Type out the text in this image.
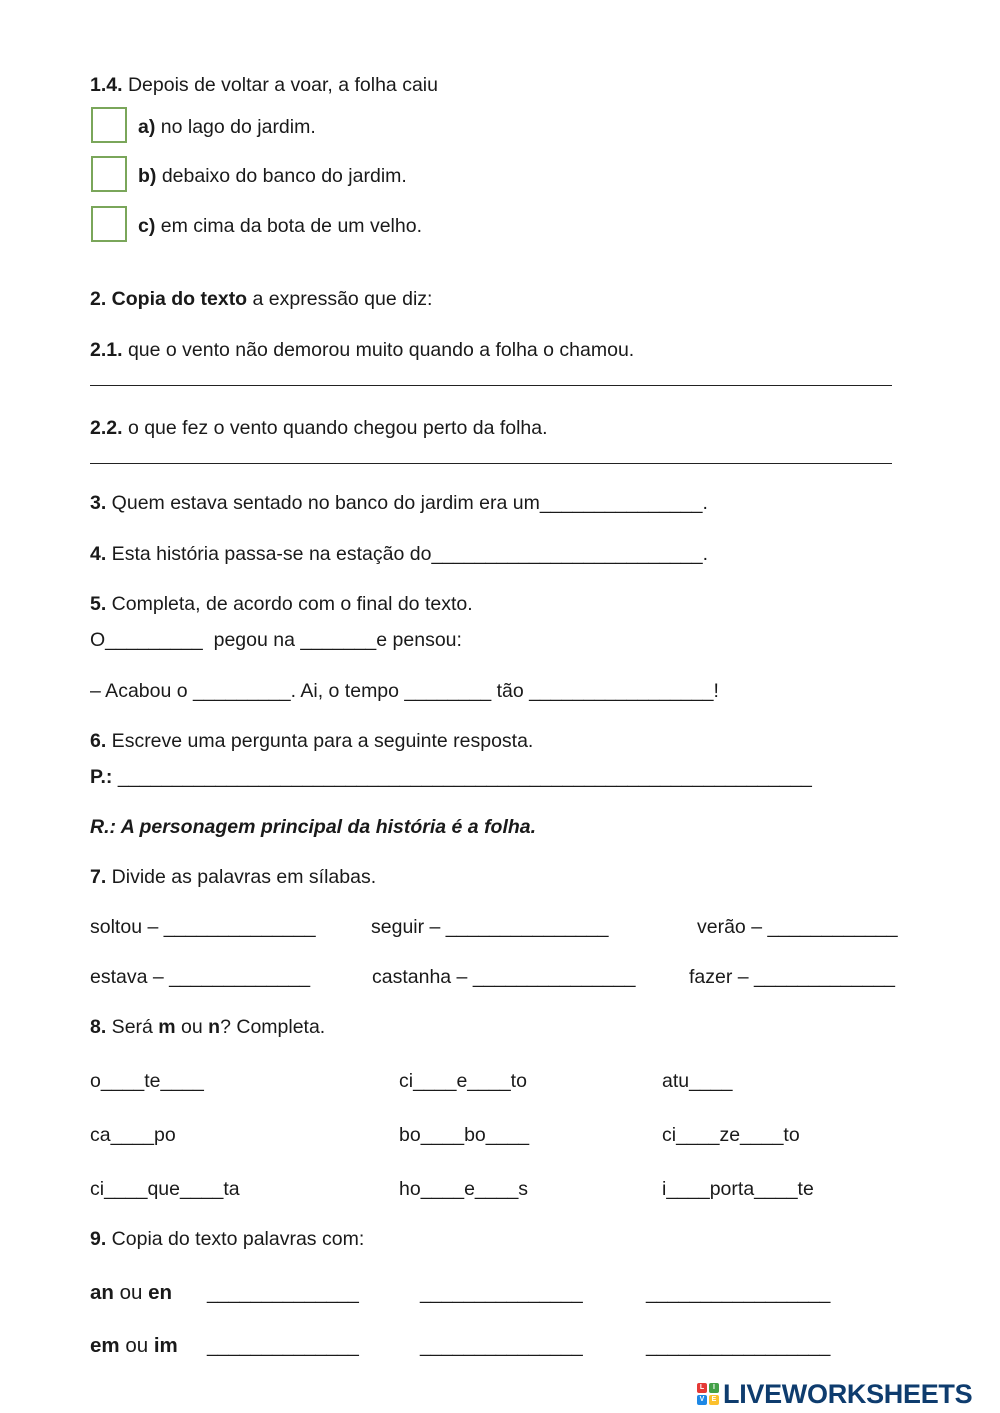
1.4. Depois de voltar a voar, a folha caiu
a) no lago do jardim.
b) debaixo do banco do jardim.
c) em cima da bota de um velho.
2. Copia do texto a expressão que diz:
2.1. que o vento não demorou muito quando a folha o chamou.
2.2. o que fez o vento quando chegou perto da folha.
3. Quem estava sentado no banco do jardim era um_______________.
4. Esta história passa-se na estação do_________________________.
5. Completa, de acordo com o final do texto.
O_________  pegou na _______e pensou:
– Acabou o _________. Ai, o tempo ________ tão _________________!
6. Escreve uma pergunta para a seguinte resposta.
P.: ________________________________________________________________
R.: A personagem principal da história é a folha.
7. Divide as palavras em sílabas.
soltou – ______________	seguir – _______________	verão – ____________
estava – _____________	castanha – _______________	fazer – _____________
8. Será m ou n? Completa.
o____te____	ci____e____to	atu____
ca____po	bo____bo____	ci____ze____to
ci____que____ta	ho____e____s	i____porta____te
9. Copia do texto palavras com:
an ou en ______________	_______________	_________________
em ou im ______________	_______________	_________________
L	I
V	E LIVEWORKSHEETS
